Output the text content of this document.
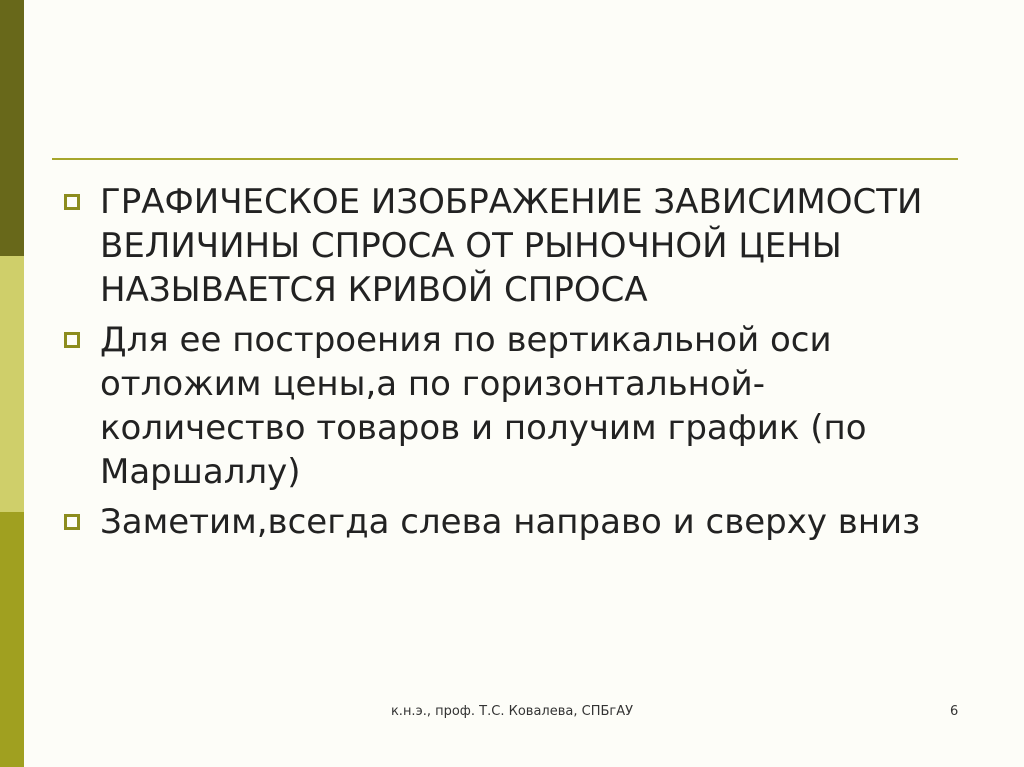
ГРАФИЧЕСКОЕ ИЗОБРАЖЕНИЕ ЗАВИСИМОСТИ ВЕЛИЧИНЫ СПРОСА ОТ РЫНОЧНОЙ ЦЕНЫ НАЗЫВАЕТСЯ КРИВОЙ СПРОСА
Для ее построения по вертикальной оси отложим цены,а по горизонтальной-количество товаров и получим график (по Маршаллу)
Заметим,всегда слева направо и сверху вниз
к.н.э., проф. Т.С. Ковалева, СПБгАУ	6
